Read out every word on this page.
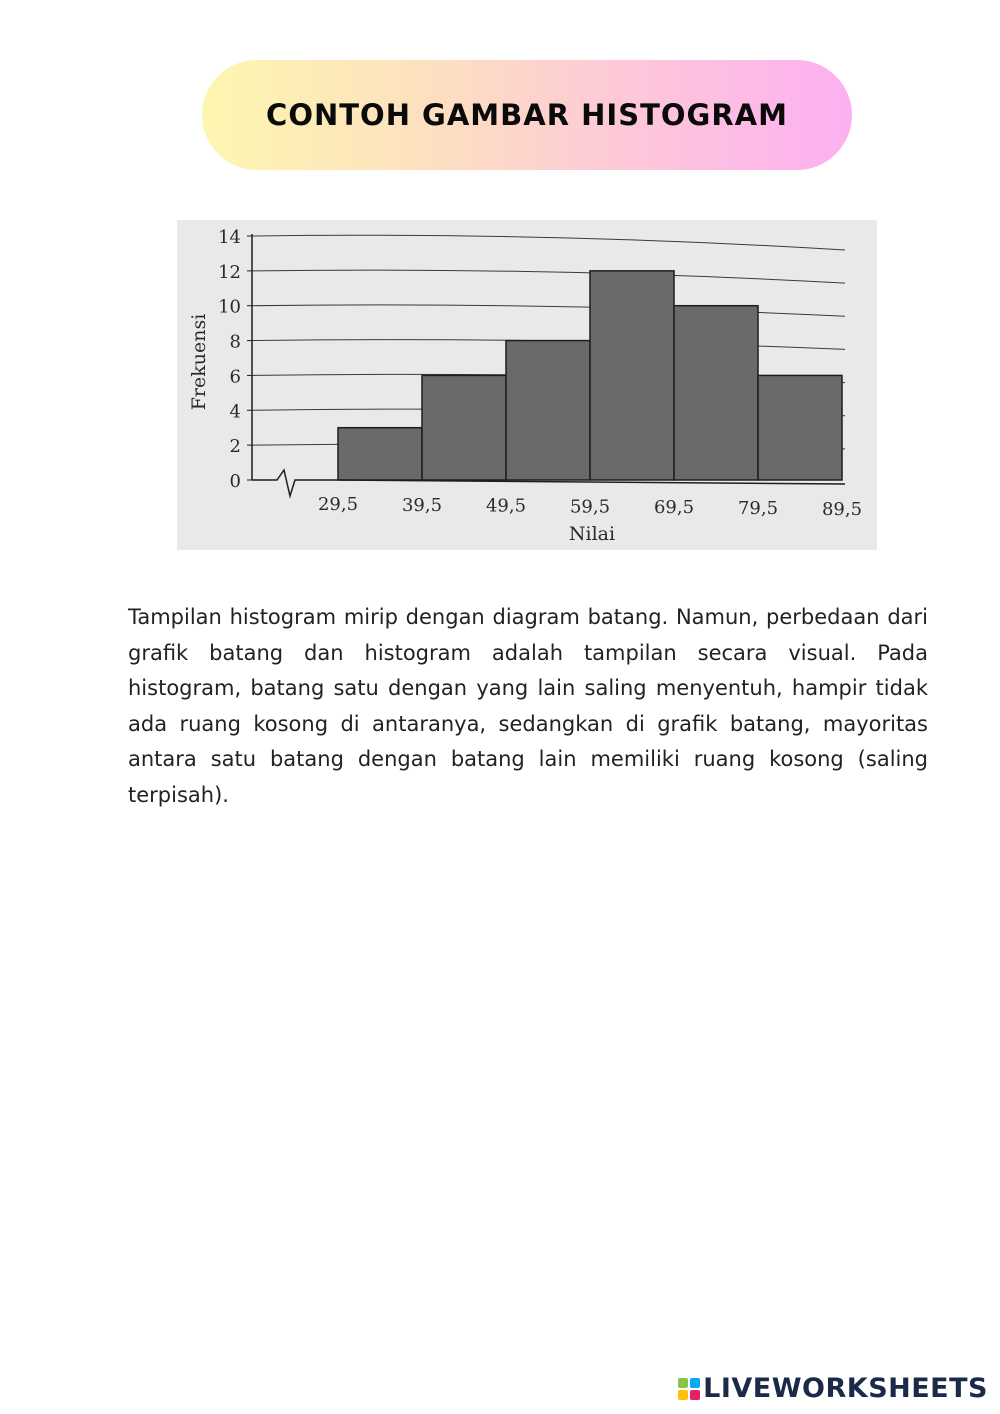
CONTOH GAMBAR HISTOGRAM
0
2
4
6
8
10
12
14
29,5 39,5 49,5 59,5 69,5 79,5 89,5
Frekuensi
Nilai

Tampilan histogram mirip dengan diagram batang. Namun, perbedaan dari grafik batang dan histogram adalah tampilan secara visual. Pada histogram, batang satu dengan yang lain saling menyentuh, hampir tidak ada ruang kosong di antaranya, sedangkan di grafik batang, mayoritas antara satu batang dengan batang lain memiliki ruang kosong (saling terpisah).

LIVEWORKSHEETS
